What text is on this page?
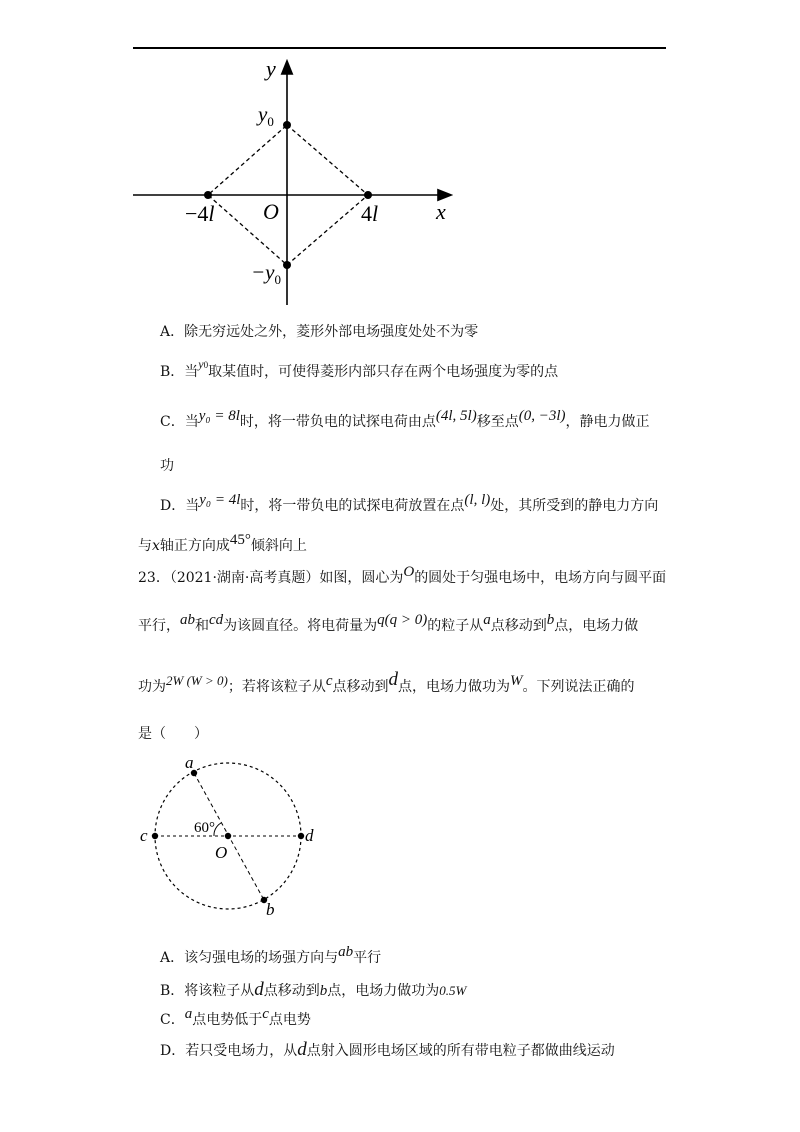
y
x
O
$y_0$
$-y_0$
−4l	4l
A．除无穷远处之外，菱形外部电场强度处处不为零
B．当y0取某值时，可使得菱形内部只存在两个电场强度为零的点
C．当y₀ = 8l时，将一带负电的试探电荷由点(4l, 5l)移至点(0, −3l)，静电力做正
功
D．当y₀ = 4l时，将一带负电的试探电荷放置在点(l, l)处，其所受到的静电力方向
与x轴正方向成45°倾斜向上
23．（2021·湖南·高考真题）如图，圆心为O的圆处于匀强电场中，电场方向与圆平面
平行，ab和cd为该圆直径。将电荷量为q(q > 0)的粒子从a点移动到b点，电场力做
功为2W (W > 0)；若将该粒子从c点移动到d点，电场力做功为W。下列说法正确的
是（　　）
a
b
c	d
O
60°
A．该匀强电场的场强方向与ab平行
B．将该粒子从d点移动到b点，电场力做功为0.5W
C．a点电势低于c点电势
D．若只受电场力，从d点射入圆形电场区域的所有带电粒子都做曲线运动
